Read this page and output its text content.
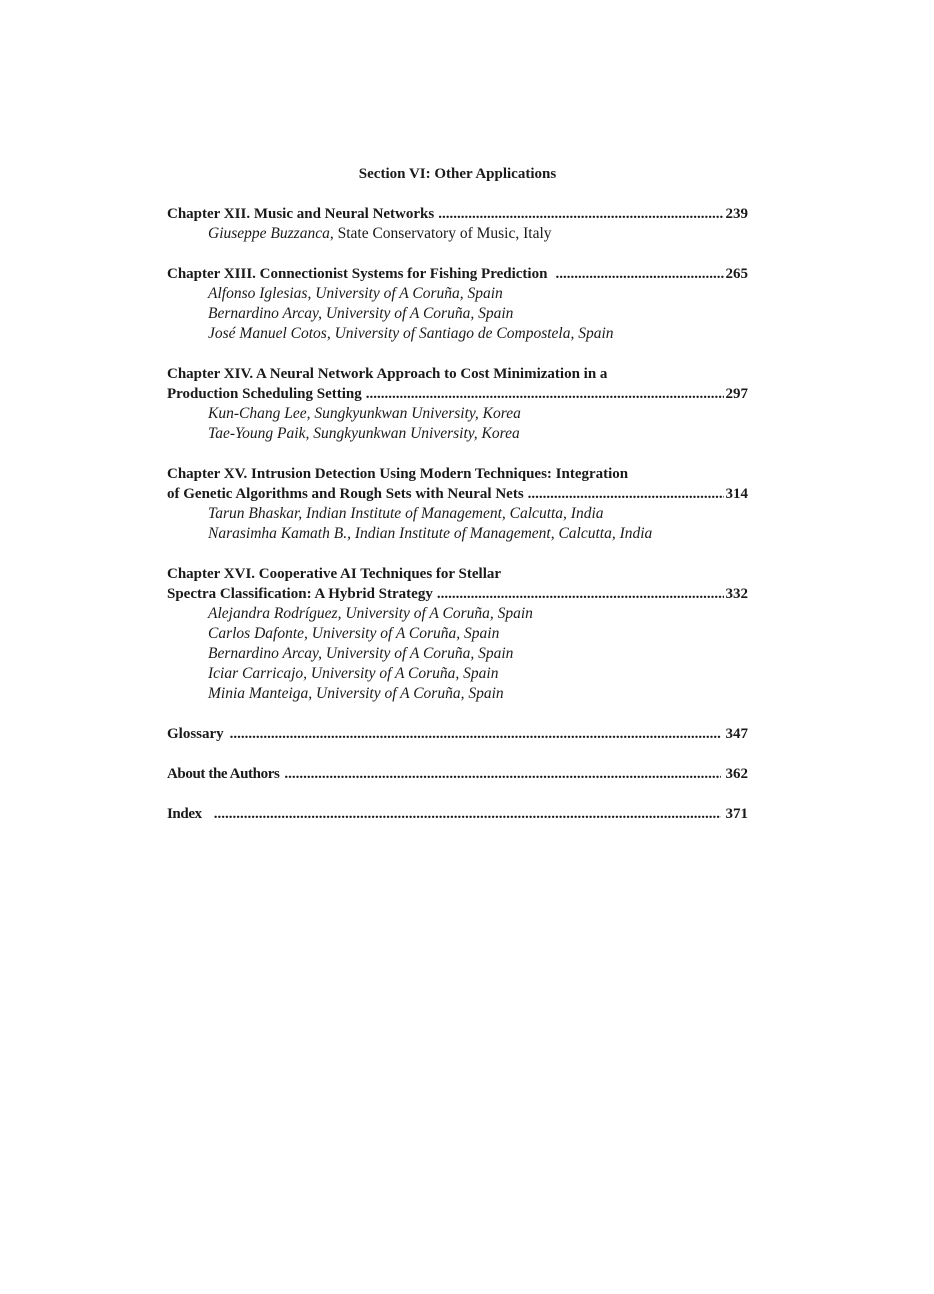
Section VI: Other Applications
Chapter XII. Music and Neural Networks .....	239
Giuseppe Buzzanca, State Conservatory of Music, Italy
Chapter XIII. Connectionist Systems for Fishing Prediction .....	265
Alfonso Iglesias, University of A Coruña, Spain
Bernardino Arcay, University of A Coruña, Spain
José Manuel Cotos, University of Santiago de Compostela, Spain
Chapter XIV. A Neural Network Approach to Cost Minimization in a
Production Scheduling Setting .....	297
Kun-Chang Lee, Sungkyunkwan University, Korea
Tae-Young Paik, Sungkyunkwan University, Korea
Chapter XV. Intrusion Detection Using Modern Techniques: Integration
of Genetic Algorithms and Rough Sets with Neural Nets .....	314
Tarun Bhaskar, Indian Institute of Management, Calcutta, India
Narasimha Kamath B., Indian Institute of Management, Calcutta, India
Chapter XVI. Cooperative AI Techniques for Stellar
Spectra Classification: A Hybrid Strategy .....	332
Alejandra Rodríguez, University of A Coruña, Spain
Carlos Dafonte, University of A Coruña, Spain
Bernardino Arcay, University of A Coruña, Spain
Iciar Carricajo, University of A Coruña, Spain
Minia Manteiga, University of A Coruña, Spain
Glossary .....	347
About the Authors .....	362
Index .....	371
